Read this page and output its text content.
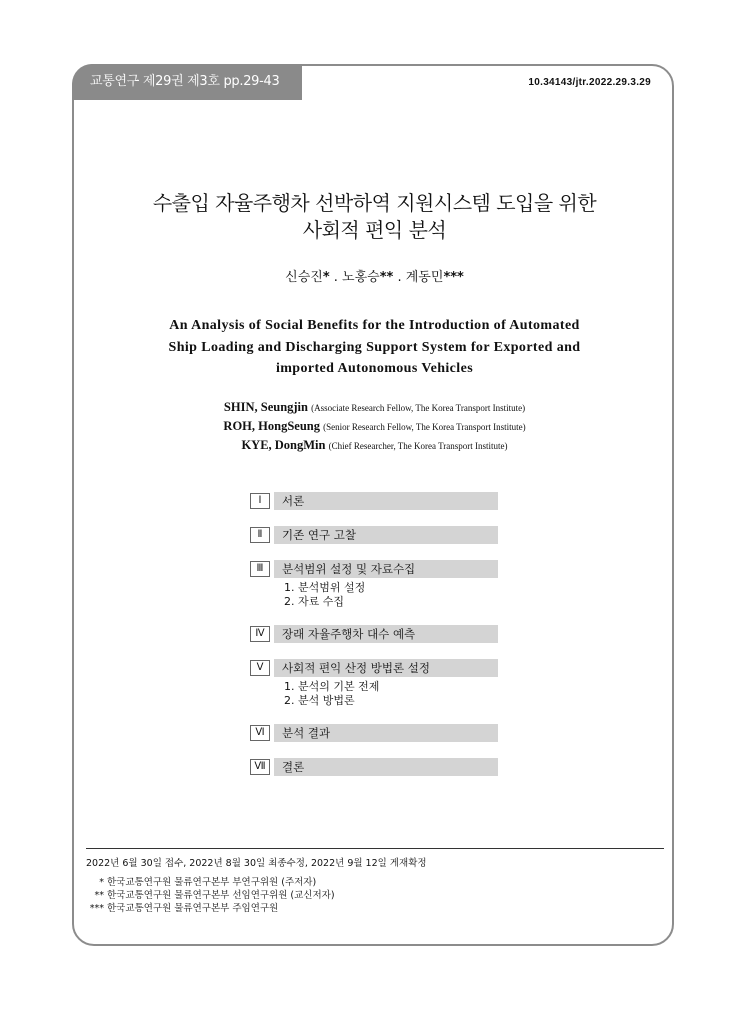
교통연구 제29권 제3호 pp.29-43	10.34143/jtr.2022.29.3.29
수출입 자율주행차 선박하역 지원시스템 도입을 위한
사회적 편익 분석
신승진* . 노홍승** . 계동민***
An Analysis of Social Benefits for the Introduction of Automated
Ship Loading and Discharging Support System for Exported and
imported Autonomous Vehicles
SHIN, Seungjin (Associate Research Fellow, The Korea Transport Institute)
ROH, HongSeung (Senior Research Fellow, The Korea Transport Institute)
KYE, DongMin (Chief Researcher, The Korea Transport Institute)
Ⅰ	서론
Ⅱ	기존 연구 고찰
Ⅲ	분석범위 설정 및 자료수집
1. 분석범위 설정
2. 자료 수집
Ⅳ	장래 자율주행차 대수 예측
Ⅴ	사회적 편익 산정 방법론 설정
1. 분석의 기본 전제
2. 분석 방법론
Ⅵ	분석 결과
Ⅶ	결론
2022년 6월 30일 접수, 2022년 8월 30일 최종수정, 2022년 9월 12일 게재확정
* 한국교통연구원 물류연구본부 부연구위원 (주저자)
** 한국교통연구원 물류연구본부 선임연구위원 (교신저자)
*** 한국교통연구원 물류연구본부 주임연구원
